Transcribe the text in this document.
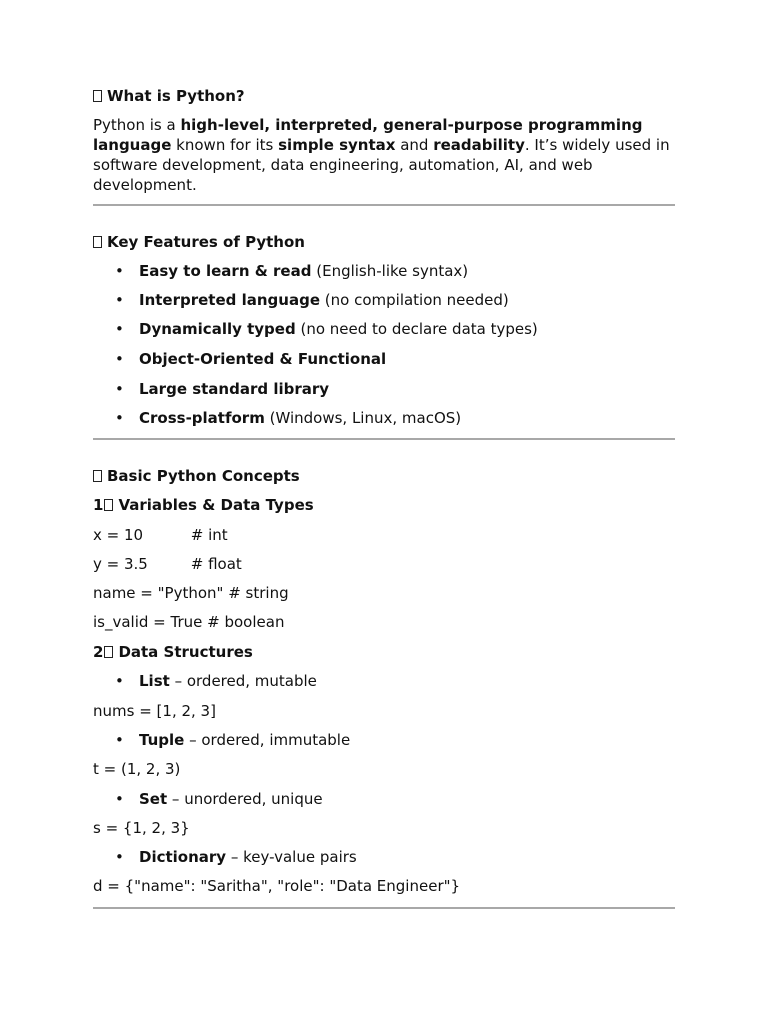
What is Python?
Python is a high-level, interpreted, general-purpose programming language known for its simple syntax and readability. It’s widely used in software development, data engineering, automation, AI, and web development.
Key Features of Python
• Easy to learn & read (English-like syntax)
• Interpreted language (no compilation needed)
• Dynamically typed (no need to declare data types)
• Object-Oriented & Functional
• Large standard library
• Cross-platform (Windows, Linux, macOS)
Basic Python Concepts
1 Variables & Data Types
x = 10          # int
y = 3.5         # float
name = "Python" # string
is_valid = True # boolean
2 Data Structures
• List – ordered, mutable
nums = [1, 2, 3]
• Tuple – ordered, immutable
t = (1, 2, 3)
• Set – unordered, unique
s = {1, 2, 3}
• Dictionary – key-value pairs
d = {"name": "Saritha", "role": "Data Engineer"}
